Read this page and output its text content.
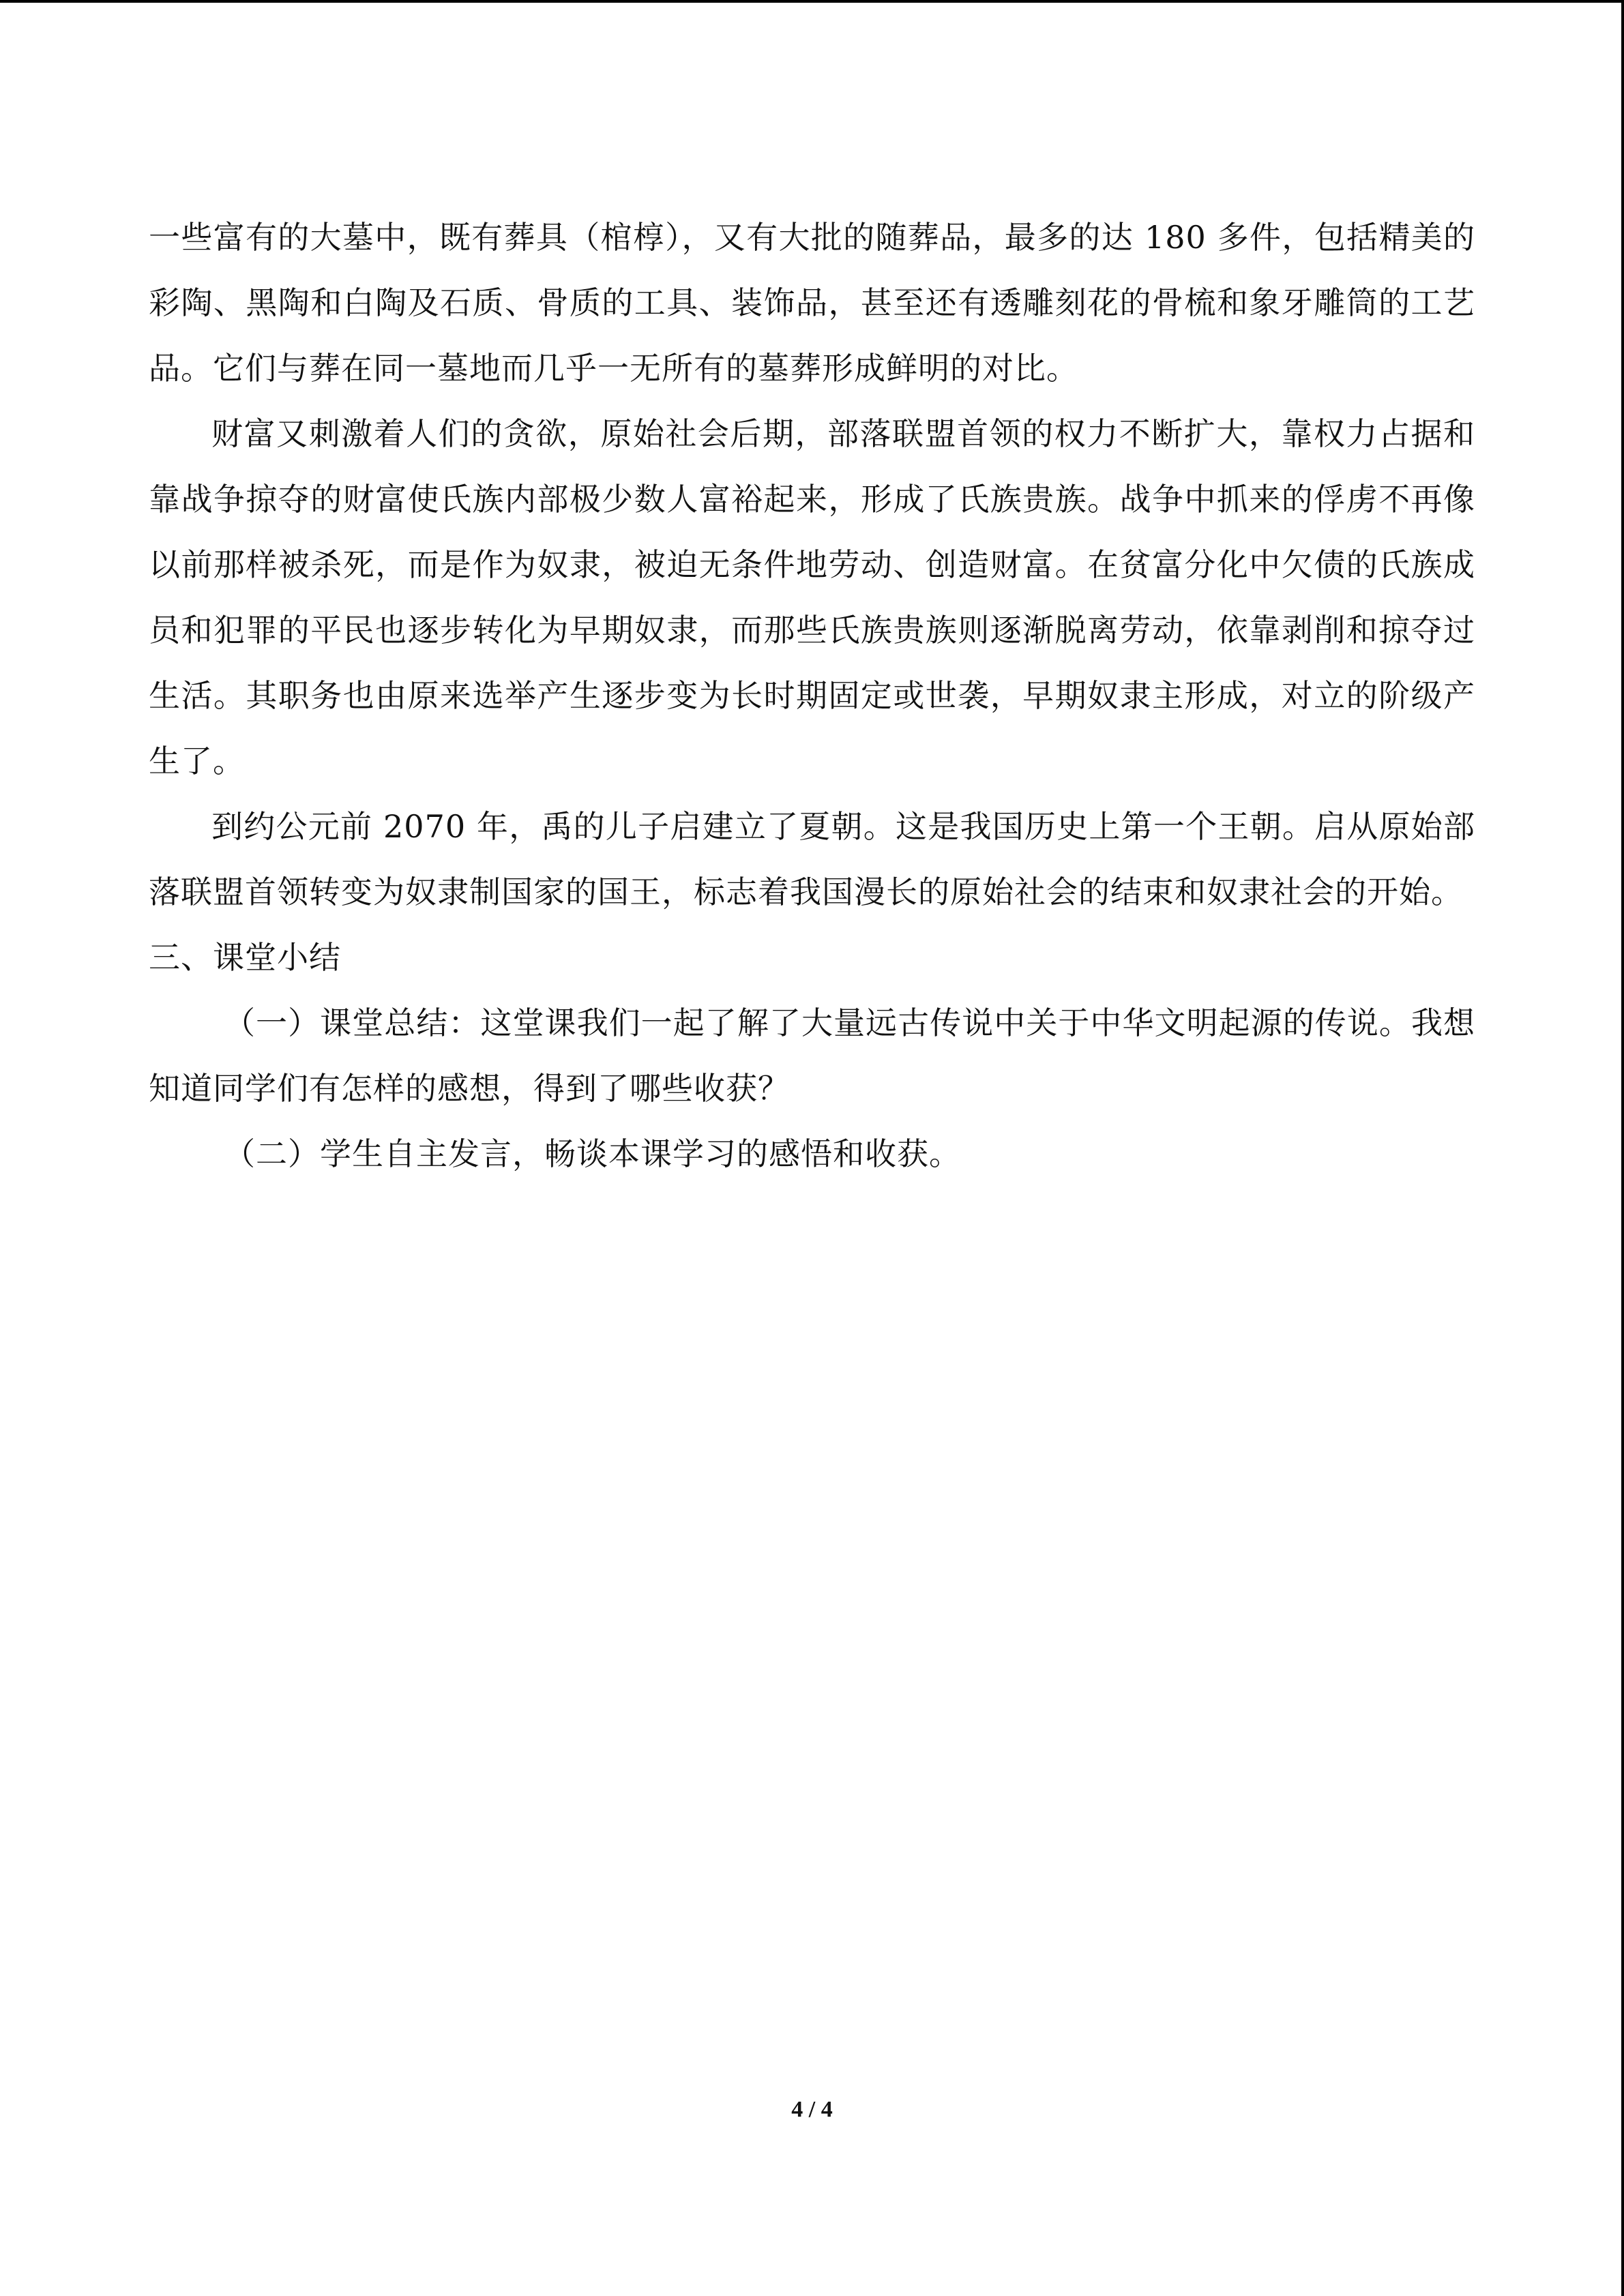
一些富有的大墓中，既有葬具（棺椁），又有大批的随葬品，最多的达 180 多件，包括精美的彩陶、黑陶和白陶及石质、骨质的工具、装饰品，甚至还有透雕刻花的骨梳和象牙雕筒的工艺品。它们与葬在同一墓地而几乎一无所有的墓葬形成鲜明的对比。

财富又刺激着人们的贪欲，原始社会后期，部落联盟首领的权力不断扩大，靠权力占据和靠战争掠夺的财富使氏族内部极少数人富裕起来，形成了氏族贵族。战争中抓来的俘虏不再像以前那样被杀死，而是作为奴隶，被迫无条件地劳动、创造财富。在贫富分化中欠债的氏族成员和犯罪的平民也逐步转化为早期奴隶，而那些氏族贵族则逐渐脱离劳动，依靠剥削和掠夺过生活。其职务也由原来选举产生逐步变为长时期固定或世袭，早期奴隶主形成，对立的阶级产生了。

到约公元前 2070 年，禹的儿子启建立了夏朝。这是我国历史上第一个王朝。启从原始部落联盟首领转变为奴隶制国家的国王，标志着我国漫长的原始社会的结束和奴隶社会的开始。

三、课堂小结

（一）课堂总结：这堂课我们一起了解了大量远古传说中关于中华文明起源的传说。我想知道同学们有怎样的感想，得到了哪些收获？

（二）学生自主发言，畅谈本课学习的感悟和收获。

4 / 4
